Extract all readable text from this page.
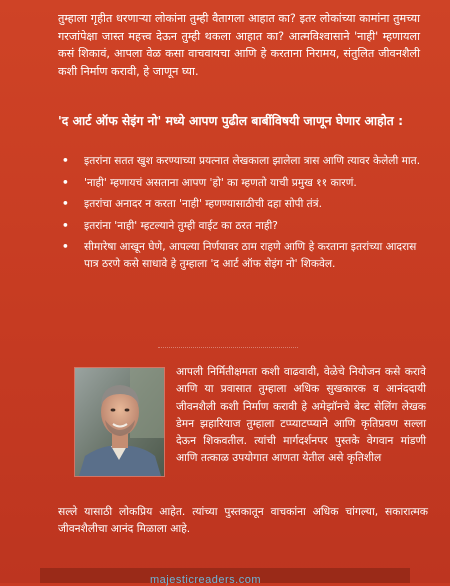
तुम्हाला गृहीत धरणाऱ्या लोकांना तुम्ही वैतागला आहात का? इतर लोकांच्या कामांना तुमच्या गरजांपेक्षा जास्त महत्त्व देऊन तुम्ही थकला आहात का? आत्मविश्वासाने 'नाही' म्हणायला कसं शिकावं, आपला वेळ कसा वाचवायचा आणि हे करताना निरामय, संतुलित जीवनशैली कशी निर्माण करावी, हे जाणून घ्या.

'द आर्ट ऑफ सेइंग नो' मध्ये आपण पुढील बाबींविषयी जाणून घेणार आहोत :
• इतरांना सतत खुश करण्याच्या प्रयत्नात लेखकाला झालेला त्रास आणि त्यावर केलेली मात.
• 'नाही' म्हणायचं असताना आपण 'हो' का म्हणतो याची प्रमुख ११ कारणं.
• इतरांचा अनादर न करता 'नाही' म्हणण्यासाठीची दहा सोपी तंत्रं.
• इतरांना 'नाही' म्हटल्याने तुम्ही वाईट का ठरत नाही?
• सीमारेषा आखून घेणे, आपल्या निर्णयावर ठाम राहणे आणि हे करताना इतरांच्या आदरास पात्र ठरणे कसे साधावे हे तुम्हाला 'द आर्ट ऑफ सेइंग नो' शिकवेल.

आपली निर्मितीक्षमता कशी वाढवावी, वेळेचे नियोजन कसे करावे आणि या प्रवासात तुम्हाला अधिक सुखकारक व आनंददायी जीवनशैली कशी निर्माण करावी हे अमेझॉनचे बेस्ट सेलिंग लेखक डेमन झहारियाज तुम्हाला टप्प्याटप्प्याने आणि कृतिप्रवण सल्ला देऊन शिकवतील. त्यांची मार्गदर्शनपर पुस्तके वेगवान मांडणी आणि तत्काळ उपयोगात आणता येतील असे कृतिशील

सल्ले यासाठी लोकप्रिय आहेत. त्यांच्या पुस्तकातून वाचकांना अधिक चांगल्या, सकारात्मक जीवनशैलीचा आनंद मिळाला आहे.

majesticreaders.com
